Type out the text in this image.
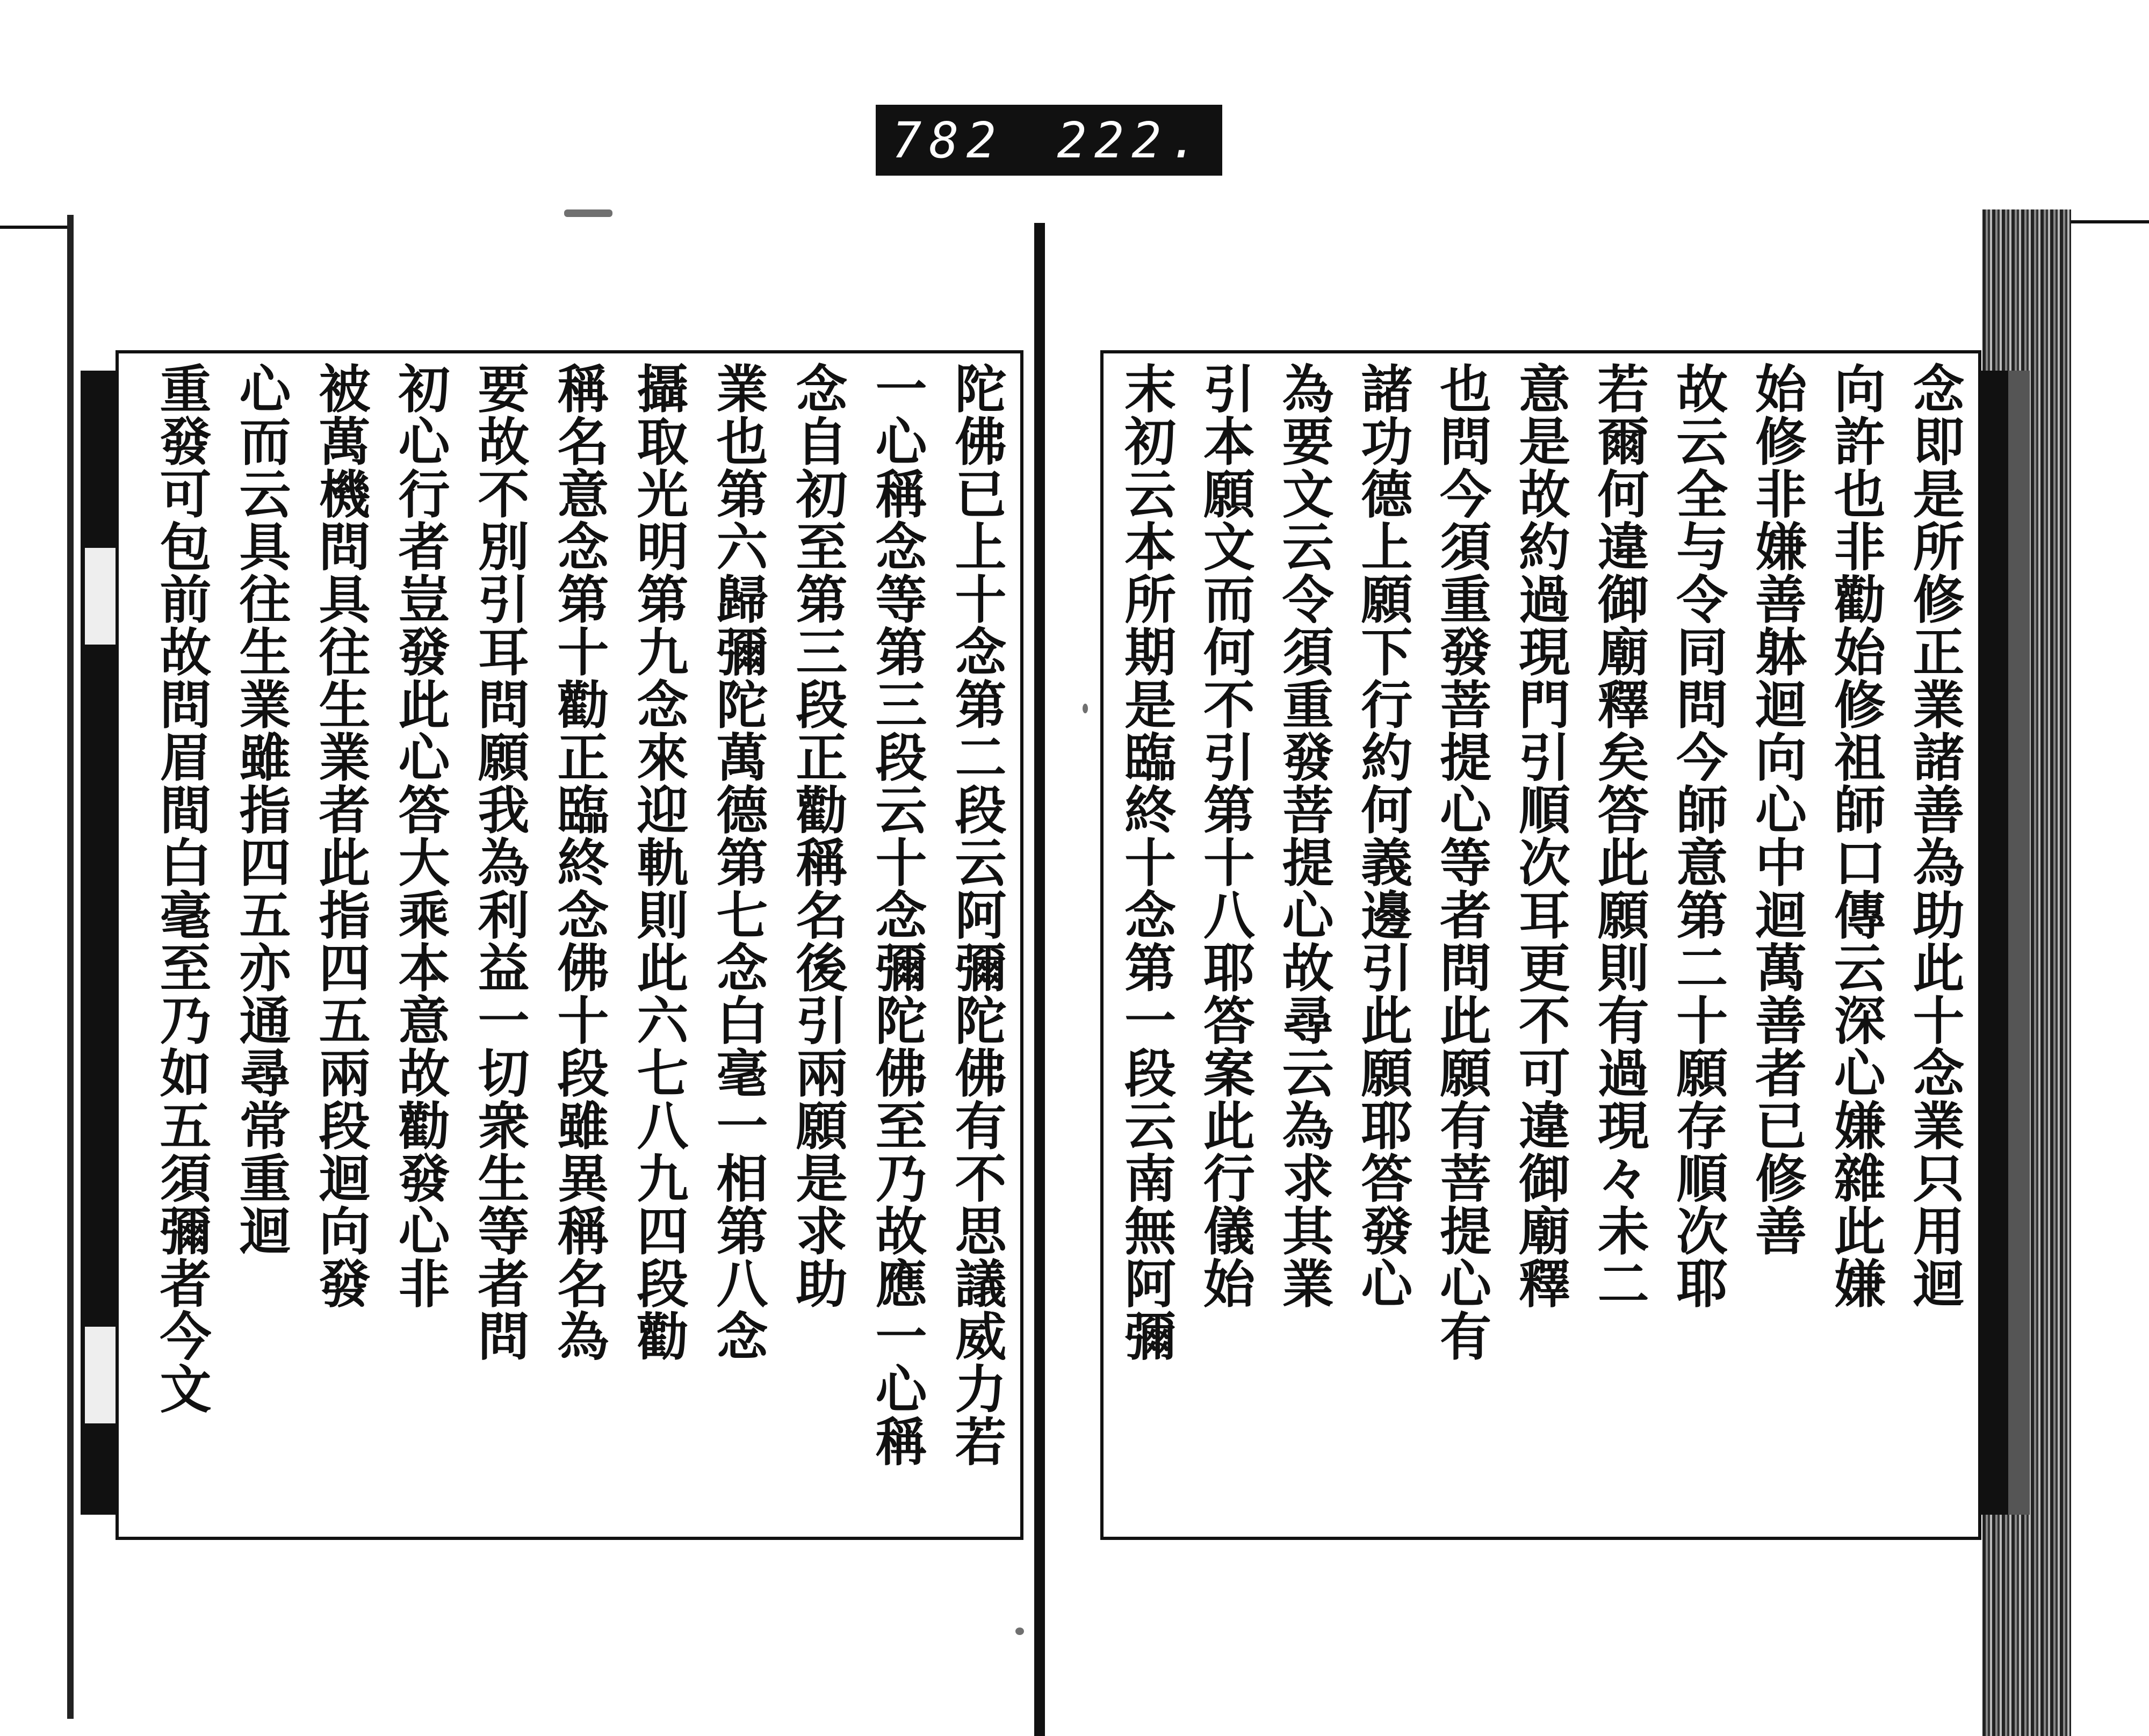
782 222.
陀佛已上十念第二段云阿彌陀佛有不思議威力若
一心稱念等第三段云十念彌陀佛至乃故應一心稱
念自初至第三段正勸稱名後引兩願是求助
業也第六歸彌陀萬德第七念白毫一相第八念
攝取光明第九念來迎軌則此六七八九四段勸
稱名意念第十勸正臨終念佛十段雖異稱名為
要故不別引耳問願我為利益一切衆生等者問
初心行者豈發此心答大乘本意故勸發心非
被萬機問具往生業者此指四五兩段迴向發
心而云具往生業雖指四五亦通尋常重迴
重發可包前故問眉間白毫至乃如五須彌者今文	念即是所修正業諸善為助此十念業只用迴
向許也非勸始修祖師口傳云深心嫌雜此嫌
始修非嫌善躰迴向心中迴萬善者已修善
故云全与令同問今師意第二十願存順次耶
若爾何違御廟釋矣答此願則有過現々未二
意是故約過現門引順次耳更不可違御廟釋
也問今須重發菩提心等者問此願有菩提心有
諸功德上願下行約何義邊引此願耶答發心
為要文云令須重發菩提心故尋云為求其業
引本願文而何不引第十八耶答案此行儀始
末初云本所期是臨終十念第一段云南無阿彌
